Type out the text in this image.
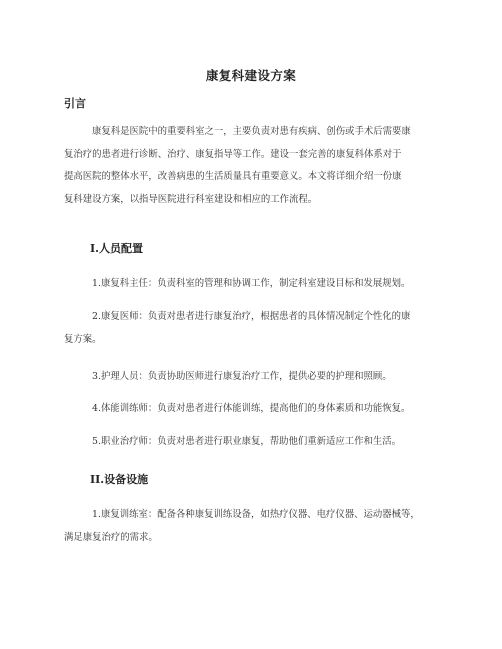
康复科建设方案
引言
康复科是医院中的重要科室之一，主要负责对患有疾病、创伤或手术后需要康
复治疗的患者进行诊断、治疗、康复指导等工作。建设一套完善的康复科体系对于
提高医院的整体水平，改善病患的生活质量具有重要意义。本文将详细介绍一份康
复科建设方案，以指导医院进行科室建设和相应的工作流程。
I.人员配置
1.康复科主任：负责科室的管理和协调工作，制定科室建设目标和发展规划。
2.康复医师：负责对患者进行康复治疗，根据患者的具体情况制定个性化的康
复方案。
3.护理人员：负责协助医师进行康复治疗工作，提供必要的护理和照顾。
4.体能训练师：负责对患者进行体能训练，提高他们的身体素质和功能恢复。
5.职业治疗师：负责对患者进行职业康复，帮助他们重新适应工作和生活。
II.设备设施
1.康复训练室：配备各种康复训练设备，如热疗仪器、电疗仪器、运动器械等，
满足康复治疗的需求。
